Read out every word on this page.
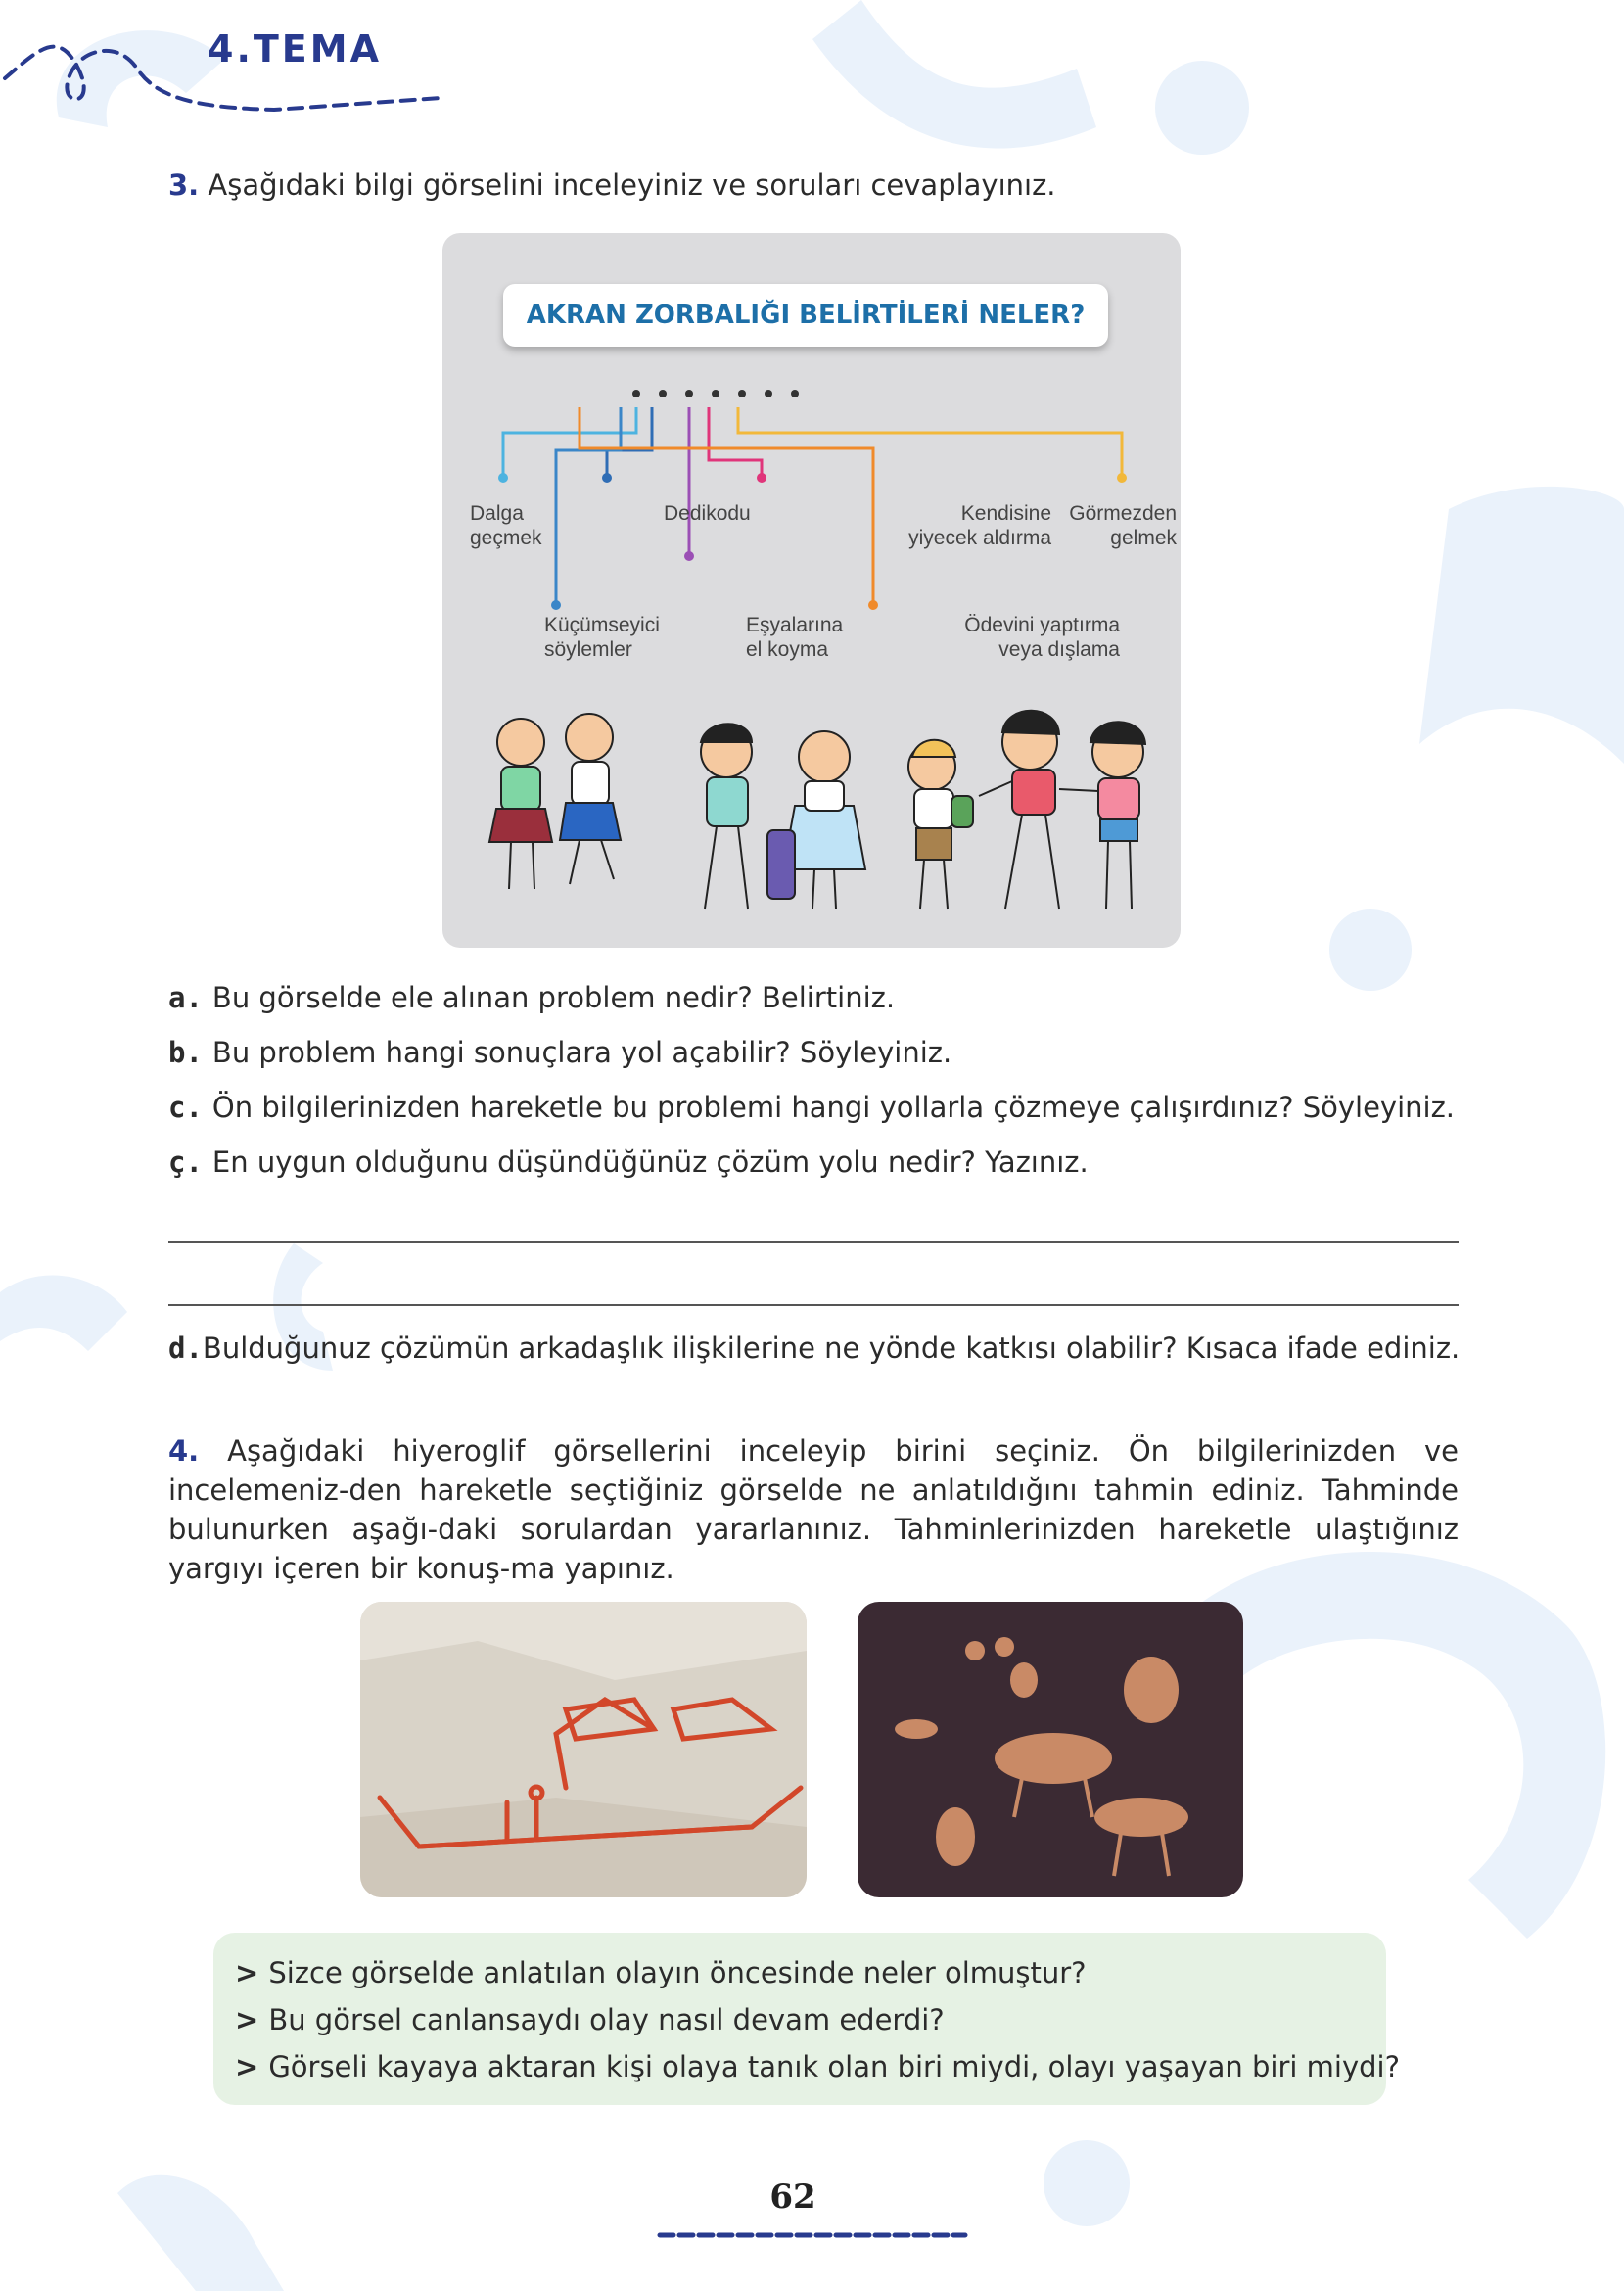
4.TEMA
3. Aşağıdaki bilgi görselini inceleyiniz ve soruları cevaplayınız.
AKRAN ZORBALIĞI BELİRTİLERİ NELER?
Dalga
geçmek
Dedikodu	Kendisine
yiyecek aldırma
Görmezden
gelmek
Küçümseyici
söylemler
Eşyalarına
el koyma
Ödevini yaptırma
veya dışlama
a. Bu görselde ele alınan problem nedir? Belirtiniz.
b. Bu problem hangi sonuçlara yol açabilir? Söyleyiniz.
c. Ön bilgilerinizden hareketle bu problemi hangi yollarla çözmeye çalışırdınız? Söyleyiniz.
ç. En uygun olduğunu düşündüğünüz çözüm yolu nedir? Yazınız.
d.Bulduğunuz çözümün arkadaşlık ilişkilerine ne yönde katkısı olabilir? Kısaca ifade ediniz.
4. Aşağıdaki hiyeroglif görsellerini inceleyip birini seçiniz. Ön bilgilerinizden ve incelemeniz-den hareketle seçtiğiniz görselde ne anlatıldığını tahmin ediniz. Tahminde bulunurken aşağı-daki sorulardan yararlanınız. Tahminlerinizden hareketle ulaştığınız yargıyı içeren bir konuş-ma yapınız.
> Sizce görselde anlatılan olayın öncesinde neler olmuştur?
> Bu görsel canlansaydı olay nasıl devam ederdi?
> Görseli kayaya aktaran kişi olaya tanık olan biri miydi, olayı yaşayan biri miydi?
62
